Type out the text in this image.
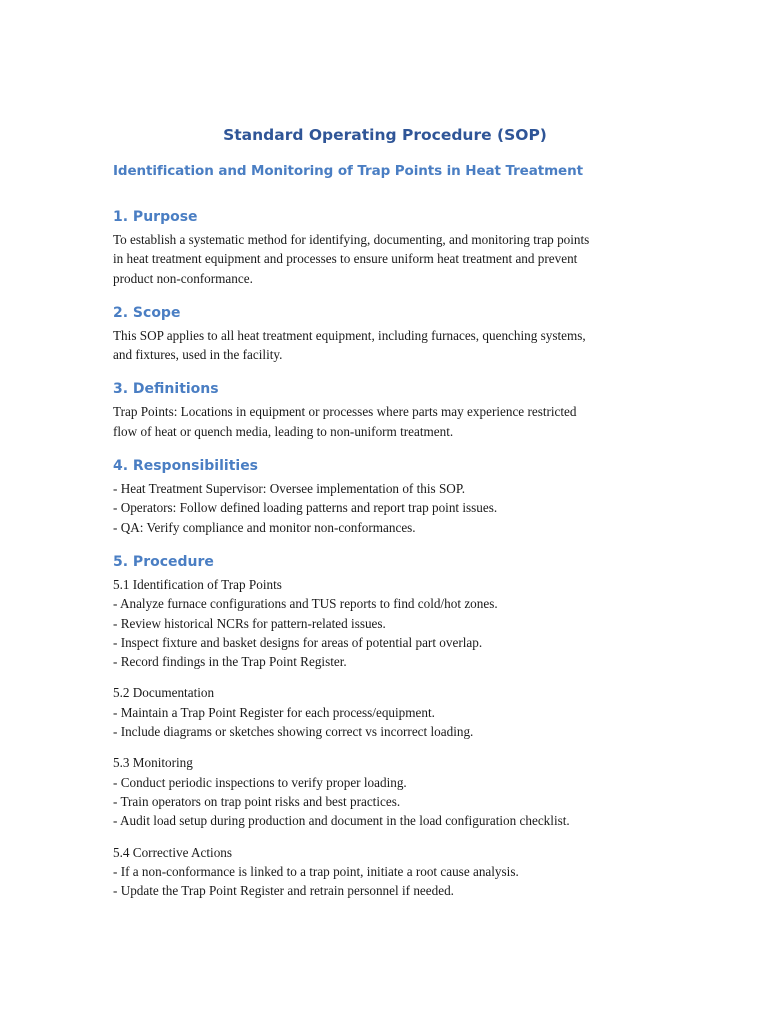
Standard Operating Procedure (SOP)
Identification and Monitoring of Trap Points in Heat Treatment
1. Purpose

To establish a systematic method for identifying, documenting, and monitoring trap points
in heat treatment equipment and processes to ensure uniform heat treatment and prevent
product non-conformance.

2. Scope

This SOP applies to all heat treatment equipment, including furnaces, quenching systems,
and fixtures, used in the facility.

3. Definitions

Trap Points: Locations in equipment or processes where parts may experience restricted
flow of heat or quench media, leading to non-uniform treatment.

4. Responsibilities

- Heat Treatment Supervisor: Oversee implementation of this SOP.
- Operators: Follow defined loading patterns and report trap point issues.
- QA: Verify compliance and monitor non-conformances.

5. Procedure

5.1 Identification of Trap Points
- Analyze furnace configurations and TUS reports to find cold/hot zones.
- Review historical NCRs for pattern-related issues.
- Inspect fixture and basket designs for areas of potential part overlap.
- Record findings in the Trap Point Register.

5.2 Documentation
- Maintain a Trap Point Register for each process/equipment.
- Include diagrams or sketches showing correct vs incorrect loading.

5.3 Monitoring
- Conduct periodic inspections to verify proper loading.
- Train operators on trap point risks and best practices.
- Audit load setup during production and document in the load configuration checklist.

5.4 Corrective Actions
- If a non-conformance is linked to a trap point, initiate a root cause analysis.
- Update the Trap Point Register and retrain personnel if needed.
